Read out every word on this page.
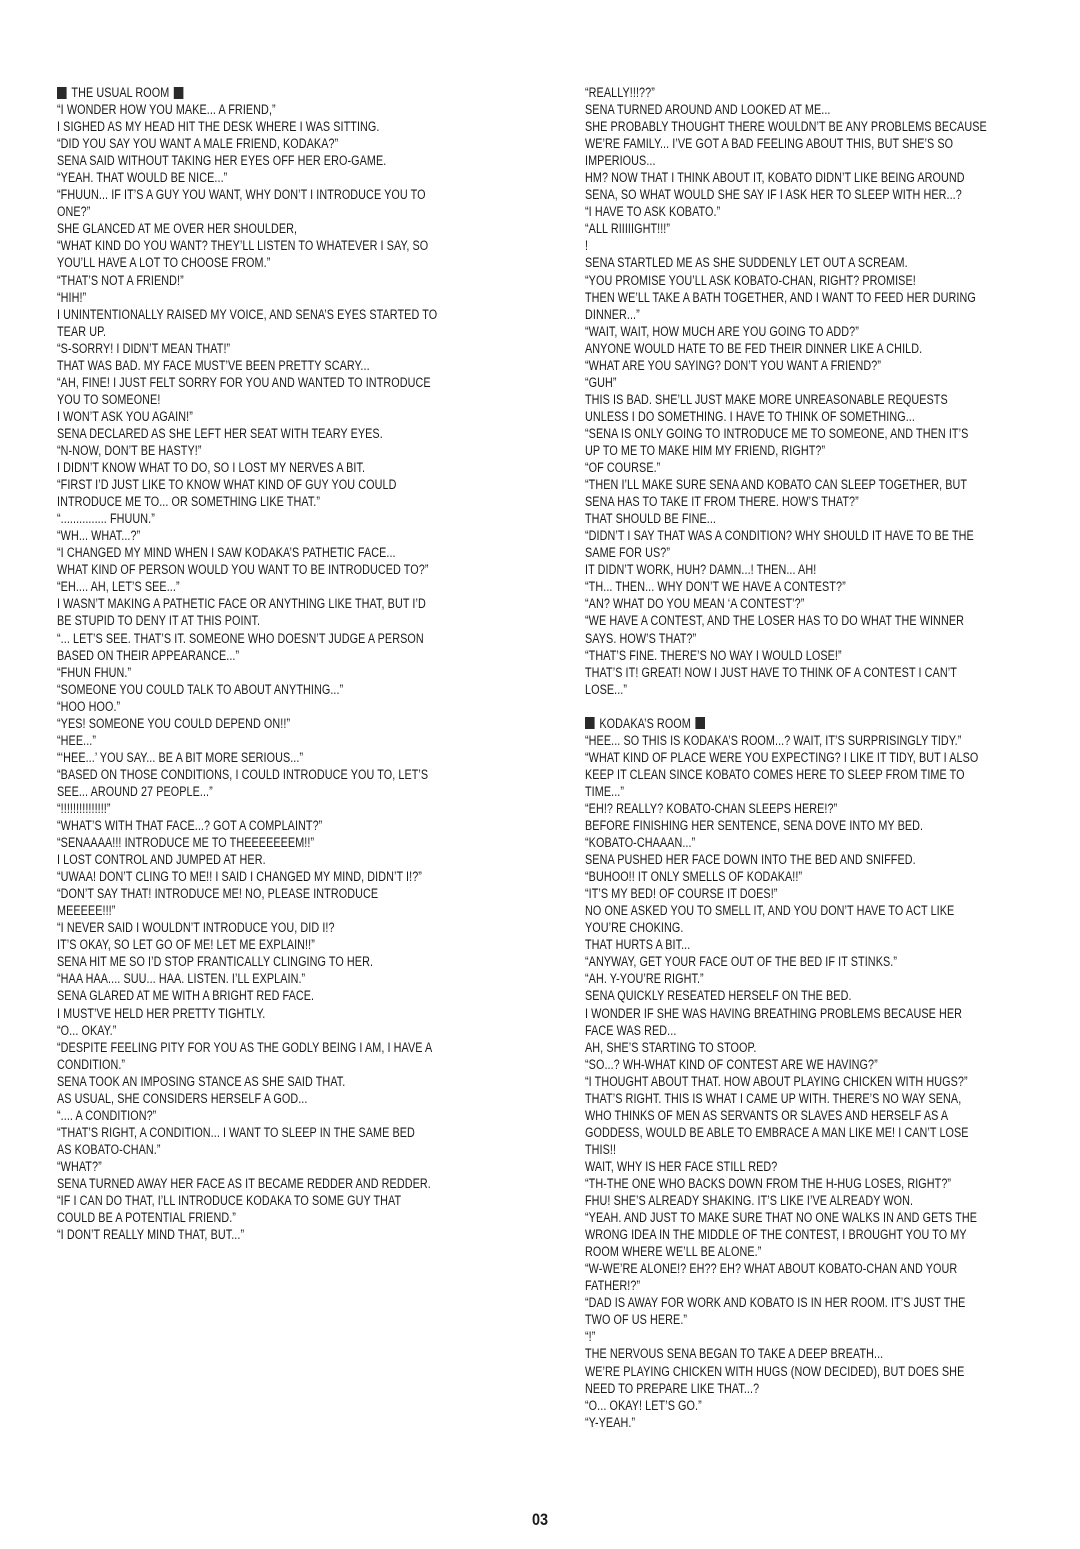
THE USUAL ROOM
“I WONDER HOW YOU MAKE... A FRIEND,”
I SIGHED AS MY HEAD HIT THE DESK WHERE I WAS SITTING.
“DID YOU SAY YOU WANT A MALE FRIEND, KODAKA?”
SENA SAID WITHOUT TAKING HER EYES OFF HER ERO-GAME.
“YEAH. THAT WOULD BE NICE...”
“FHUUN... IF IT’S A GUY YOU WANT, WHY DON’T I INTRODUCE YOU TO
ONE?”
SHE GLANCED AT ME OVER HER SHOULDER,
“WHAT KIND DO YOU WANT? THEY’LL LISTEN TO WHATEVER I SAY, SO
YOU’LL HAVE A LOT TO CHOOSE FROM.”
“THAT’S NOT A FRIEND!”
“HIH!”
I UNINTENTIONALLY RAISED MY VOICE, AND SENA’S EYES STARTED TO
TEAR UP.
“S-SORRY! I DIDN’T MEAN THAT!”
THAT WAS BAD. MY FACE MUST’VE BEEN PRETTY SCARY...
“AH, FINE! I JUST FELT SORRY FOR YOU AND WANTED TO INTRODUCE
YOU TO SOMEONE!
I WON’T ASK YOU AGAIN!”
SENA DECLARED AS SHE LEFT HER SEAT WITH TEARY EYES.
“N-NOW, DON’T BE HASTY!”
I DIDN’T KNOW WHAT TO DO, SO I LOST MY NERVES A BIT.
“FIRST I’D JUST LIKE TO KNOW WHAT KIND OF GUY YOU COULD
INTRODUCE ME TO... OR SOMETHING LIKE THAT.”
“............... FHUUN.”
“WH... WHAT...?”
“I CHANGED MY MIND WHEN I SAW KODAKA’S PATHETIC FACE...
WHAT KIND OF PERSON WOULD YOU WANT TO BE INTRODUCED TO?”
“EH.... AH, LET’S SEE...”
I WASN’T MAKING A PATHETIC FACE OR ANYTHING LIKE THAT, BUT I’D
BE STUPID TO DENY IT AT THIS POINT.
“... LET’S SEE. THAT’S IT. SOMEONE WHO DOESN’T JUDGE A PERSON
BASED ON THEIR APPEARANCE...”
“FHUN FHUN.”
“SOMEONE YOU COULD TALK TO ABOUT ANYTHING...”
“HOO HOO.”
“YES! SOMEONE YOU COULD DEPEND ON!!”
“HEE...”
“‘HEE...’ YOU SAY... BE A BIT MORE SERIOUS...”
“BASED ON THOSE CONDITIONS, I COULD INTRODUCE YOU TO, LET’S
SEE... AROUND 27 PEOPLE...”
“!!!!!!!!!!!!!!!”
“WHAT’S WITH THAT FACE...? GOT A COMPLAINT?”
“SENAAAA!!! INTRODUCE ME TO THEEEEEEEM!!”
I LOST CONTROL AND JUMPED AT HER.
“UWAA! DON’T CLING TO ME!! I SAID I CHANGED MY MIND, DIDN’T I!?”
“DON’T SAY THAT! INTRODUCE ME! NO, PLEASE INTRODUCE
MEEEEE!!!”
“I NEVER SAID I WOULDN’T INTRODUCE YOU, DID I!?
IT’S OKAY, SO LET GO OF ME! LET ME EXPLAIN!!”
SENA HIT ME SO I’D STOP FRANTICALLY CLINGING TO HER.
“HAA HAA.... SUU... HAA. LISTEN. I’LL EXPLAIN.”
SENA GLARED AT ME WITH A BRIGHT RED FACE.
I MUST’VE HELD HER PRETTY TIGHTLY.
“O... OKAY.”
“DESPITE FEELING PITY FOR YOU AS THE GODLY BEING I AM, I HAVE A
CONDITION.”
SENA TOOK AN IMPOSING STANCE AS SHE SAID THAT.
AS USUAL, SHE CONSIDERS HERSELF A GOD...
“.... A CONDITION?”
“THAT’S RIGHT, A CONDITION... I WANT TO SLEEP IN THE SAME BED
AS KOBATO-CHAN.”
“WHAT?”
SENA TURNED AWAY HER FACE AS IT BECAME REDDER AND REDDER.
“IF I CAN DO THAT, I’LL INTRODUCE KODAKA TO SOME GUY THAT
COULD BE A POTENTIAL FRIEND.”
“I DON’T REALLY MIND THAT, BUT...”
“REALLY!!!??”
SENA TURNED AROUND AND LOOKED AT ME...
SHE PROBABLY THOUGHT THERE WOULDN’T BE ANY PROBLEMS BECAUSE
WE’RE FAMILY... I’VE GOT A BAD FEELING ABOUT THIS, BUT SHE’S SO
IMPERIOUS...
HM? NOW THAT I THINK ABOUT IT, KOBATO DIDN’T LIKE BEING AROUND
SENA, SO WHAT WOULD SHE SAY IF I ASK HER TO SLEEP WITH HER...?
“I HAVE TO ASK KOBATO.”
“ALL RIIIIIGHT!!!”
!
SENA STARTLED ME AS SHE SUDDENLY LET OUT A SCREAM.
“YOU PROMISE YOU’LL ASK KOBATO-CHAN, RIGHT? PROMISE!
THEN WE’LL TAKE A BATH TOGETHER, AND I WANT TO FEED HER DURING
DINNER...”
“WAIT, WAIT, HOW MUCH ARE YOU GOING TO ADD?”
ANYONE WOULD HATE TO BE FED THEIR DINNER LIKE A CHILD.
“WHAT ARE YOU SAYING? DON’T YOU WANT A FRIEND?”
“GUH”
THIS IS BAD. SHE’LL JUST MAKE MORE UNREASONABLE REQUESTS
UNLESS I DO SOMETHING. I HAVE TO THINK OF SOMETHING...
“SENA IS ONLY GOING TO INTRODUCE ME TO SOMEONE, AND THEN IT’S
UP TO ME TO MAKE HIM MY FRIEND, RIGHT?”
“OF COURSE.”
“THEN I’LL MAKE SURE SENA AND KOBATO CAN SLEEP TOGETHER, BUT
SENA HAS TO TAKE IT FROM THERE. HOW’S THAT?”
THAT SHOULD BE FINE...
“DIDN’T I SAY THAT WAS A CONDITION? WHY SHOULD IT HAVE TO BE THE
SAME FOR US?”
IT DIDN’T WORK, HUH? DAMN...! THEN... AH!
“TH... THEN... WHY DON’T WE HAVE A CONTEST?”
“AN? WHAT DO YOU MEAN ‘A CONTEST’?”
“WE HAVE A CONTEST, AND THE LOSER HAS TO DO WHAT THE WINNER
SAYS. HOW’S THAT?”
“THAT’S FINE. THERE’S NO WAY I WOULD LOSE!”
THAT’S IT! GREAT! NOW I JUST HAVE TO THINK OF A CONTEST I CAN’T
LOSE...”
KODAKA’S ROOM
“HEE... SO THIS IS KODAKA’S ROOM...? WAIT, IT’S SURPRISINGLY TIDY.”
“WHAT KIND OF PLACE WERE YOU EXPECTING? I LIKE IT TIDY, BUT I ALSO
KEEP IT CLEAN SINCE KOBATO COMES HERE TO SLEEP FROM TIME TO
TIME...”
“EH!? REALLY? KOBATO-CHAN SLEEPS HERE!?”
BEFORE FINISHING HER SENTENCE, SENA DOVE INTO MY BED.
“KOBATO-CHAAAN...”
SENA PUSHED HER FACE DOWN INTO THE BED AND SNIFFED.
“BUHOO!! IT ONLY SMELLS OF KODAKA!!”
“IT’S MY BED! OF COURSE IT DOES!”
NO ONE ASKED YOU TO SMELL IT, AND YOU DON’T HAVE TO ACT LIKE
YOU’RE CHOKING.
THAT HURTS A BIT...
“ANYWAY, GET YOUR FACE OUT OF THE BED IF IT STINKS.”
“AH. Y-YOU’RE RIGHT.”
SENA QUICKLY RESEATED HERSELF ON THE BED.
I WONDER IF SHE WAS HAVING BREATHING PROBLEMS BECAUSE HER
FACE WAS RED...
AH, SHE’S STARTING TO STOOP.
“SO...? WH-WHAT KIND OF CONTEST ARE WE HAVING?”
“I THOUGHT ABOUT THAT. HOW ABOUT PLAYING CHICKEN WITH HUGS?”
THAT’S RIGHT. THIS IS WHAT I CAME UP WITH. THERE’S NO WAY SENA,
WHO THINKS OF MEN AS SERVANTS OR SLAVES AND HERSELF AS A
GODDESS, WOULD BE ABLE TO EMBRACE A MAN LIKE ME! I CAN’T LOSE
THIS!!
WAIT, WHY IS HER FACE STILL RED?
“TH-THE ONE WHO BACKS DOWN FROM THE H-HUG LOSES, RIGHT?”
FHU! SHE’S ALREADY SHAKING. IT’S LIKE I’VE ALREADY WON.
“YEAH. AND JUST TO MAKE SURE THAT NO ONE WALKS IN AND GETS THE
WRONG IDEA IN THE MIDDLE OF THE CONTEST, I BROUGHT YOU TO MY
ROOM WHERE WE’LL BE ALONE.”
“W-WE’RE ALONE!? EH?? EH? WHAT ABOUT KOBATO-CHAN AND YOUR
FATHER!?”
“DAD IS AWAY FOR WORK AND KOBATO IS IN HER ROOM. IT’S JUST THE
TWO OF US HERE.”
“!”
THE NERVOUS SENA BEGAN TO TAKE A DEEP BREATH...
WE’RE PLAYING CHICKEN WITH HUGS (NOW DECIDED), BUT DOES SHE
NEED TO PREPARE LIKE THAT...?
“O... OKAY! LET’S GO.”
“Y-YEAH.”
03
